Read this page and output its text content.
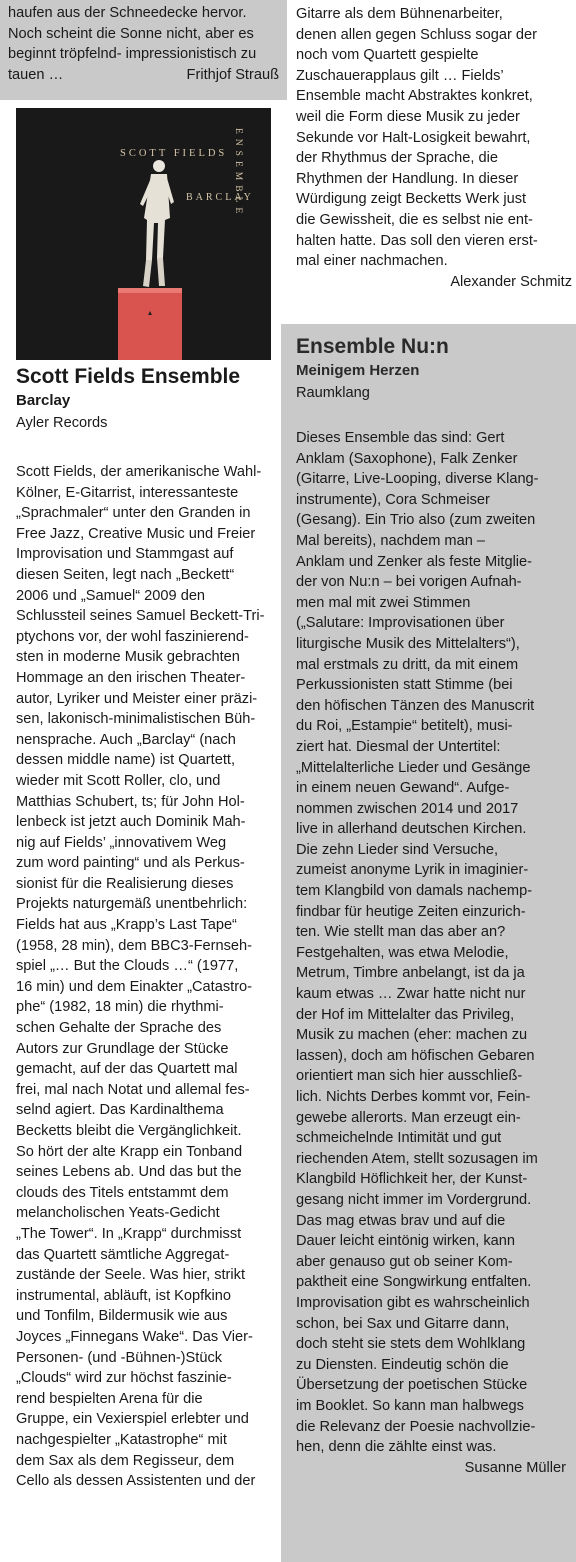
haufen aus der Schneedecke hervor. Noch scheint die Sonne nicht, aber es beginnt tröpfelnd- impressionistisch zu tauen …	Frithjof Strauß

SCOTT FIELDS
BARCLAY
ENSEMBLE
Scott Fields Ensemble

Barclay

Ayler Records

Scott Fields, der amerikanische Wahl-
Kölner, E-Gitarrist, interessanteste
„Sprachmaler“ unter den Granden in
Free Jazz, Creative Music und Freier
Improvisation und Stammgast auf
diesen Seiten, legt nach „Beckett“
2006 und „Samuel“ 2009 den
Schlussteil seines Samuel Beckett-Tri-
ptychons vor, der wohl faszinierend-
sten in moderne Musik gebrachten
Hommage an den irischen Theater-
autor, Lyriker und Meister einer präzi-
sen, lakonisch-minimalistischen Büh-
nensprache. Auch „Barclay“ (nach
dessen middle name) ist Quartett,
wieder mit Scott Roller, clo, und
Matthias Schubert, ts; für John Hol-
lenbeck ist jetzt auch Dominik Mah-
nig auf Fields’ „innovativem Weg
zum word painting“ und als Perkus-
sionist für die Realisierung dieses
Projekts naturgemäß unentbehrlich:
Fields hat aus „Krapp’s Last Tape“
(1958, 28 min), dem BBC3-Fernseh-
spiel „… But the Clouds …“ (1977,
16 min) und dem Einakter „Catastro-
phe“ (1982, 18 min) die rhythmi-
schen Gehalte der Sprache des
Autors zur Grundlage der Stücke
gemacht, auf der das Quartett mal
frei, mal nach Notat und allemal fes-
selnd agiert. Das Kardinalthema
Becketts bleibt die Vergänglichkeit.
So hört der alte Krapp ein Tonband
seines Lebens ab. Und das but the
clouds des Titels entstammt dem
melancholischen Yeats-Gedicht
„The Tower“. In „Krapp“ durchmisst
das Quartett sämtliche Aggregat-
zustände der Seele. Was hier, strikt
instrumental, abläuft, ist Kopfkino
und Tonfilm, Bildermusik wie aus
Joyces „Finnegans Wake“. Das Vier-
Personen- (und -Bühnen-)Stück
„Clouds“ wird zur höchst faszinie-
rend bespielten Arena für die
Gruppe, ein Vexierspiel erlebter und
nachgespielter „Katastrophe“ mit
dem Sax als dem Regisseur, dem
Cello als dessen Assistenten und der

Gitarre als dem Bühnenarbeiter,
denen allen gegen Schluss sogar der
noch vom Quartett gespielte
Zuschauerapplaus gilt … Fields’
Ensemble macht Abstraktes konkret,
weil die Form diese Musik zu jeder
Sekunde vor Halt-Losigkeit bewahrt,
der Rhythmus der Sprache, die
Rhythmen der Handlung. In dieser
Würdigung zeigt Becketts Werk just
die Gewissheit, die es selbst nie ent-
halten hatte. Das soll den vieren erst-
mal einer nachmachen.

Alexander Schmitz

Ensemble Nu:n

Meinigem Herzen

Raumklang

Dieses Ensemble das sind: Gert
Anklam (Saxophone), Falk Zenker
(Gitarre, Live-Looping, diverse Klang-
instrumente), Cora Schmeiser
(Gesang). Ein Trio also (zum zweiten
Mal bereits), nachdem man –
Anklam und Zenker als feste Mitglie-
der von Nu:n – bei vorigen Aufnah-
men mal mit zwei Stimmen
(„Salutare: Improvisationen über
liturgische Musik des Mittelalters“),
mal erstmals zu dritt, da mit einem
Perkussionisten statt Stimme (bei
den höfischen Tänzen des Manuscrit
du Roi, „Estampie“ betitelt), musi-
ziert hat. Diesmal der Untertitel:
„Mittelalterliche Lieder und Gesänge
in einem neuen Gewand“. Aufge-
nommen zwischen 2014 und 2017
live in allerhand deutschen Kirchen.
Die zehn Lieder sind Versuche,
zumeist anonyme Lyrik in imaginier-
tem Klangbild von damals nachemp-
findbar für heutige Zeiten einzurich-
ten. Wie stellt man das aber an?
Festgehalten, was etwa Melodie,
Metrum, Timbre anbelangt, ist da ja
kaum etwas … Zwar hatte nicht nur
der Hof im Mittelalter das Privileg,
Musik zu machen (eher: machen zu
lassen), doch am höfischen Gebaren
orientiert man sich hier ausschließ-
lich. Nichts Derbes kommt vor, Fein-
gewebe allerorts. Man erzeugt ein-
schmeichelnde Intimität und gut
riechenden Atem, stellt sozusagen im
Klangbild Höflichkeit her, der Kunst-
gesang nicht immer im Vordergrund.
Das mag etwas brav und auf die
Dauer leicht eintönig wirken, kann
aber genauso gut ob seiner Kom-
paktheit eine Songwirkung entfalten.
Improvisation gibt es wahrscheinlich
schon, bei Sax und Gitarre dann,
doch steht sie stets dem Wohlklang
zu Diensten. Eindeutig schön die
Übersetzung der poetischen Stücke
im Booklet. So kann man halbwegs
die Relevanz der Poesie nachvollzie-
hen, denn die zählte einst was.

Susanne Müller
